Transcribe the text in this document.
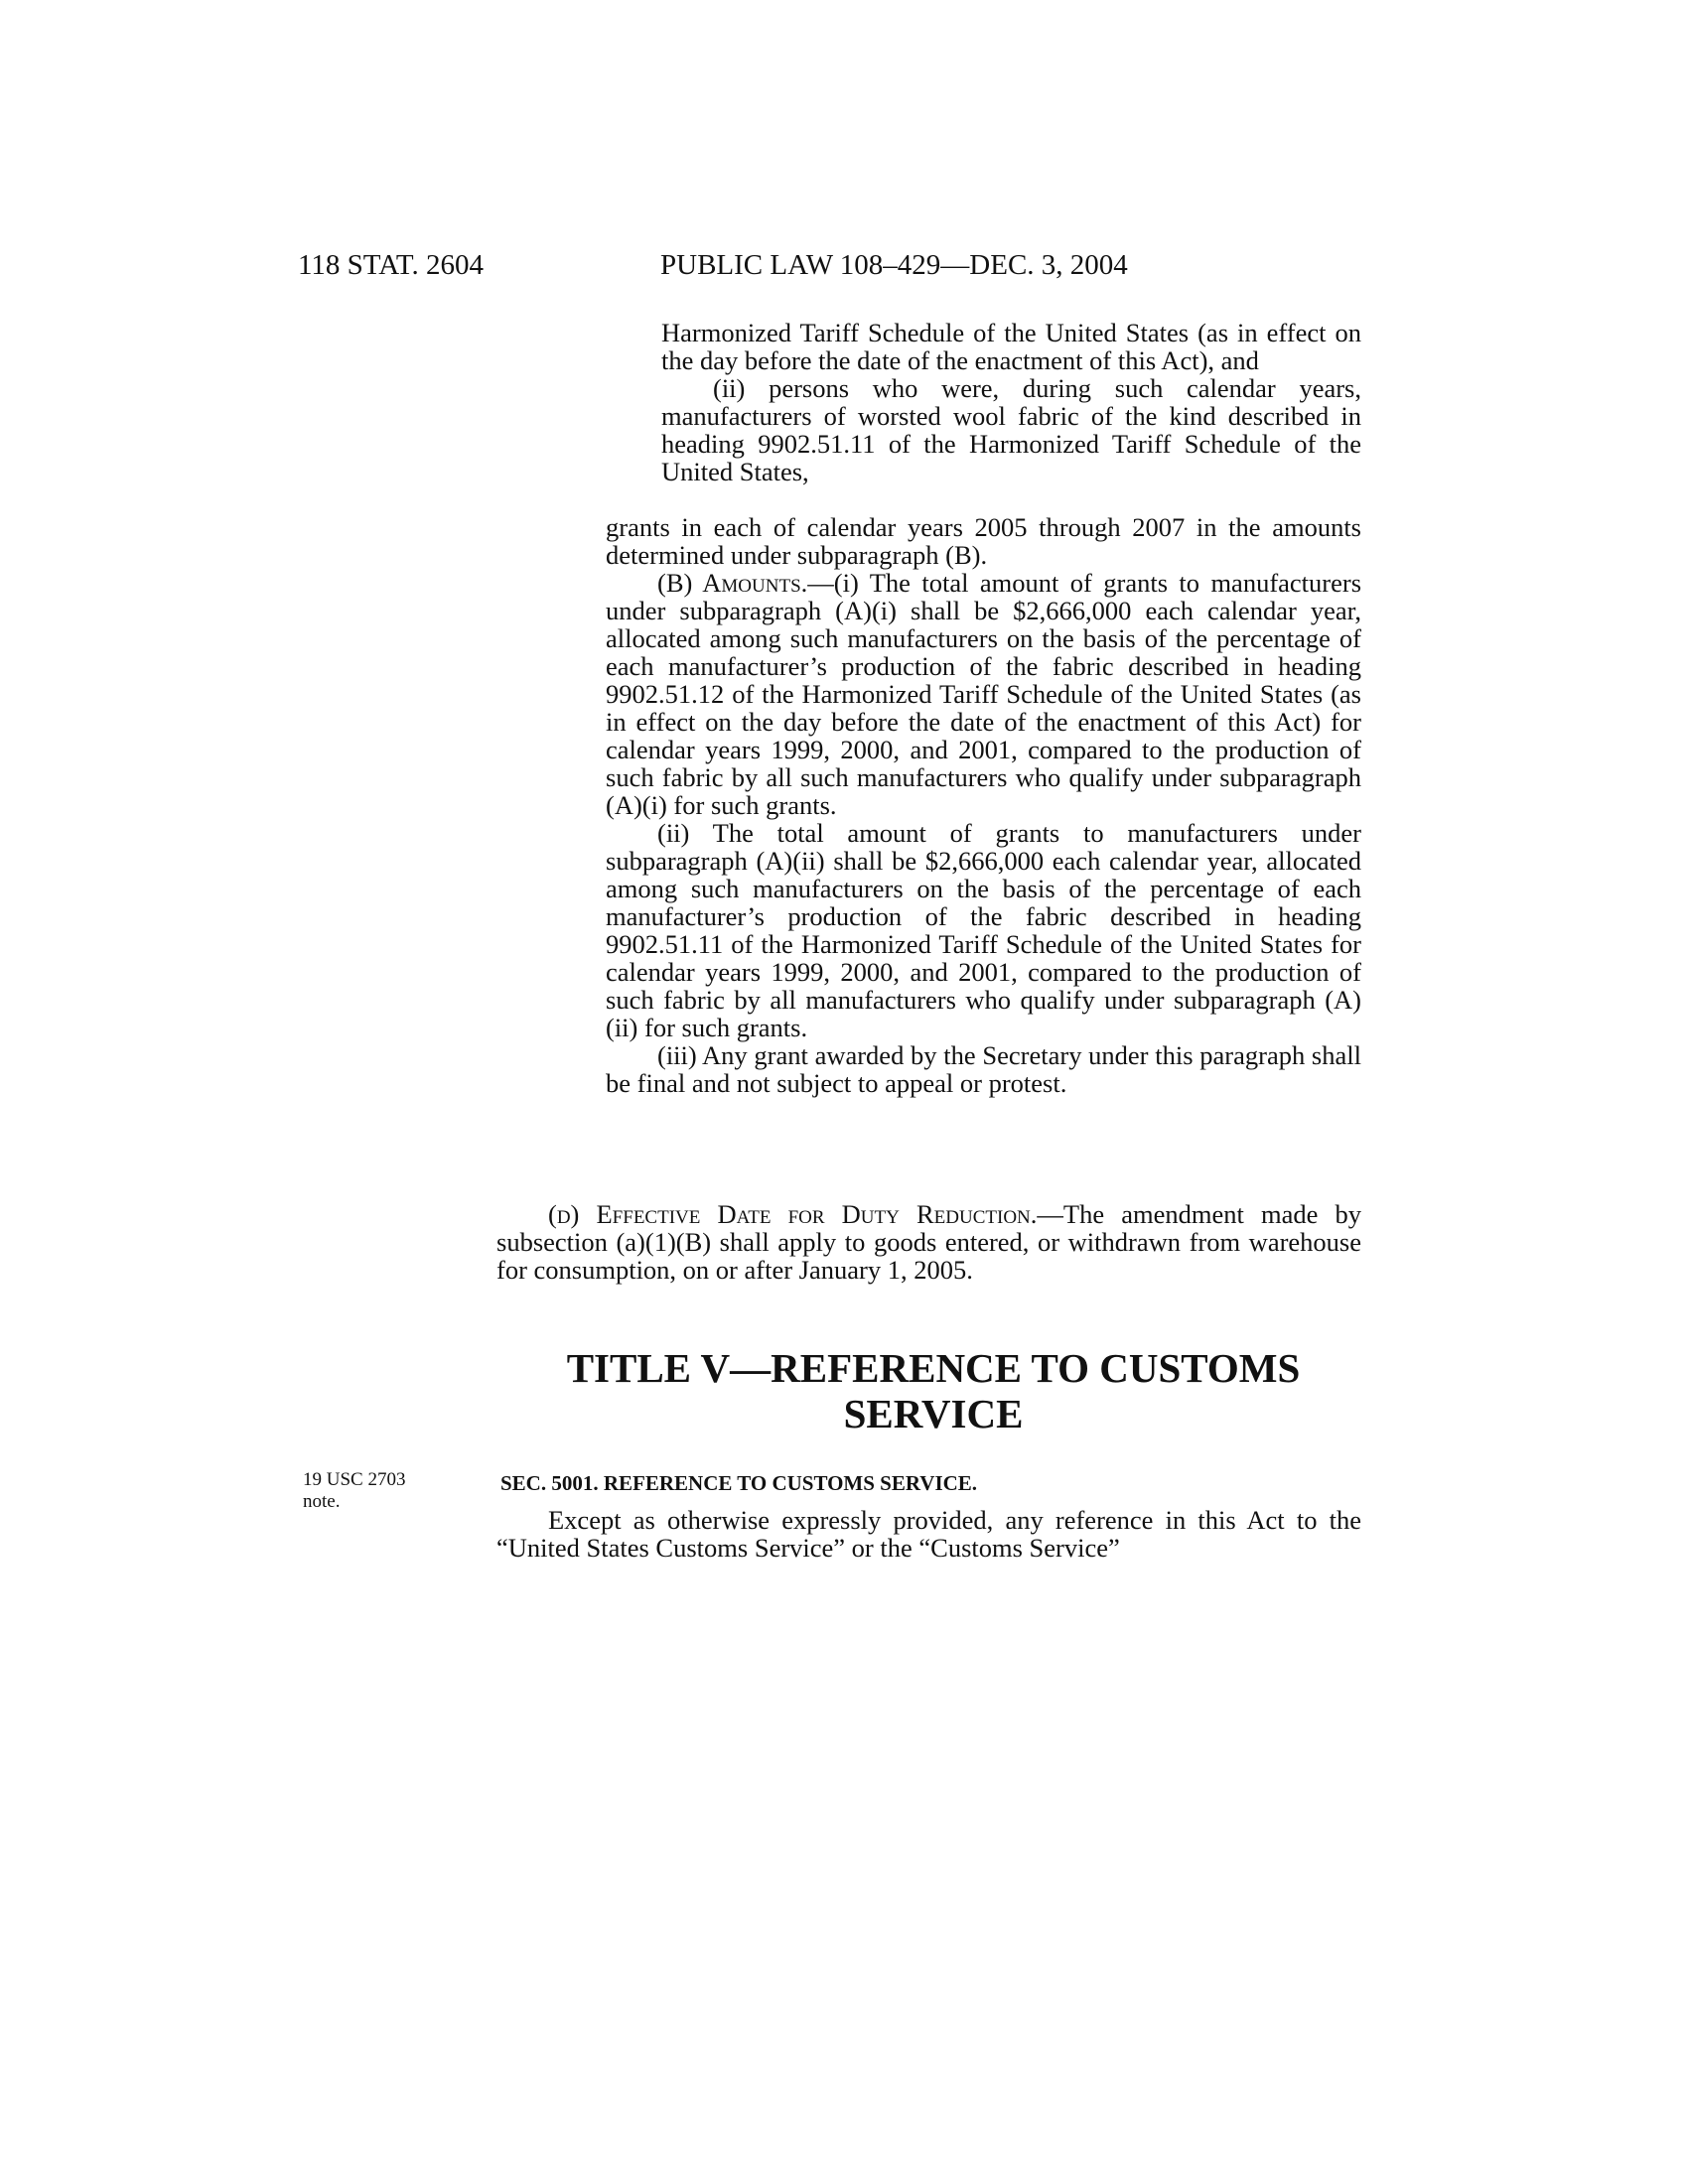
118 STAT. 2604	PUBLIC LAW 108–429—DEC. 3, 2004

Harmonized Tariff Schedule of the United States (as in effect on the day before the date of the enactment of this Act), and

(ii) persons who were, during such calendar years, manufacturers of worsted wool fabric of the kind described in heading 9902.51.11 of the Harmonized Tariff Schedule of the United States,

grants in each of calendar years 2005 through 2007 in the amounts determined under subparagraph (B).

(B) Amounts.—(i) The total amount of grants to manufacturers under subparagraph (A)(i) shall be $2,666,000 each calendar year, allocated among such manufacturers on the basis of the percentage of each manufacturer’s production of the fabric described in heading 9902.51.12 of the Harmonized Tariff Schedule of the United States (as in effect on the day before the date of the enactment of this Act) for calendar years 1999, 2000, and 2001, compared to the production of such fabric by all such manufacturers who qualify under subparagraph (A)(i) for such grants.

(ii) The total amount of grants to manufacturers under subparagraph (A)(ii) shall be $2,666,000 each calendar year, allocated among such manufacturers on the basis of the percentage of each manufacturer’s production of the fabric described in heading 9902.51.11 of the Harmonized Tariff Schedule of the United States for calendar years 1999, 2000, and 2001, compared to the production of such fabric by all manufacturers who qualify under subparagraph (A)(ii) for such grants.

(iii) Any grant awarded by the Secretary under this paragraph shall be final and not subject to appeal or protest.

(d) Effective Date for Duty Reduction.—The amendment made by subsection (a)(1)(B) shall apply to goods entered, or withdrawn from warehouse for consumption, on or after January 1, 2005.

TITLE V—REFERENCE TO CUSTOMS
SERVICE
19 USC 2703
note.
SEC. 5001. REFERENCE TO CUSTOMS SERVICE.

Except as otherwise expressly provided, any reference in this Act to the “United States Customs Service” or the “Customs Service”
